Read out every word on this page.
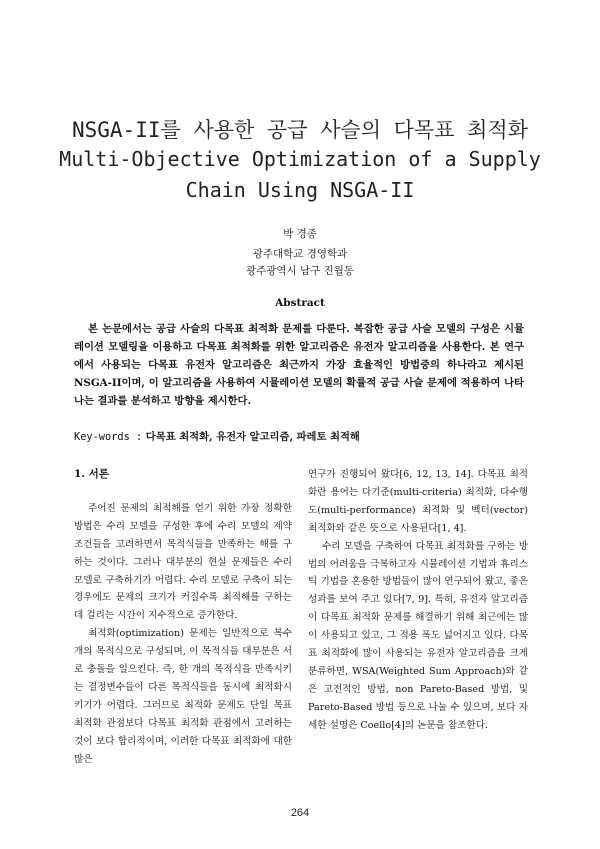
NSGA-II를 사용한 공급 사슬의 다목표 최적화
Multi-Objective Optimization of a Supply
Chain Using NSGA-II
박 경종
광주대학교 경영학과
광주광역시 남구 진월동
Abstract

본 논문에서는 공급 사슬의 다목표 최적화 문제를 다룬다. 복잡한 공급 사슬 모델의 구성은 시뮬레이션 모델링을 이용하고 다목표 최적화를 위한 알고리즘은 유전자 알고리즘을 사용한다. 본 연구에서 사용되는 다목표 유전자 알고리즘은 최근까지 가장 효율적인 방법중의 하나라고 제시된 NSGA-II이며, 이 알고리즘을 사용하여 시뮬레이션 모델의 확률적 공급 사슬 문제에 적용하여 나타나는 결과를 분석하고 방향을 제시한다.

Key-words : 다목표 최적화, 유전자 알고리즘, 파레토 최적해
1. 서론

주어진 문제의 최적해를 얻기 위한 가장 정확한 방법은 수리 모델을 구성한 후에 수리 모델의 제약 조건들을 고려하면서 목적식들을 만족하는 해를 구하는 것이다. 그러나 대부분의 현실 문제들은 수리 모델로 구축하기가 어렵다. 수리 모델로 구축이 되는 경우에도 문제의 크기가 커질수록 최적해를 구하는데 걸리는 시간이 지수적으로 증가한다.

최적화(optimization) 문제는 일반적으로 복수개의 목적식으로 구성되며, 이 목적식들 대부분은 서로 충돌을 일으킨다. 즉, 한 개의 목적식을 만족시키는 결정변수들이 다른 목적식들을 동시에 최적화시키기가 어렵다. 그러므로 최적화 문제도 단일 목표 최적화 관점보다 다목표 최적화 관점에서 고려하는 것이 보다 합리적이며, 이러한 다목표 최적화에 대한 많은

연구가 진행되어 왔다[6, 12, 13, 14]. 다목표 최적화란 용어는 다기준(multi-criteria) 최적화, 다수행도(multi-performance) 최적화 및 벡터(vector) 최적화와 같은 뜻으로 사용된다[1, 4].

수리 모델을 구축하여 다목표 최적화를 구하는 방법의 어려움을 극복하고자 시뮬레이션 기법과 휴리스틱 기법을 혼용한 방법들이 많이 연구되어 왔고, 좋은 성과를 보여 주고 있다[7, 9]. 특히, 유전자 알고리즘이 다목표 최적화 문제를 해결하기 위해 최근에는 많이 사용되고 있고, 그 적용 폭도 넓어지고 있다. 다목표 최적화에 많이 사용되는 유전자 알고리즘을 크게 분류하면, WSA(Weighted Sum Approach)와 같은 고전적인 방법, non Pareto-Based 방법, 및 Pareto-Based 방법 등으로 나눌 수 있으며, 보다 자세한 설명은 Coello[4]의 논문을 참조한다.

264
